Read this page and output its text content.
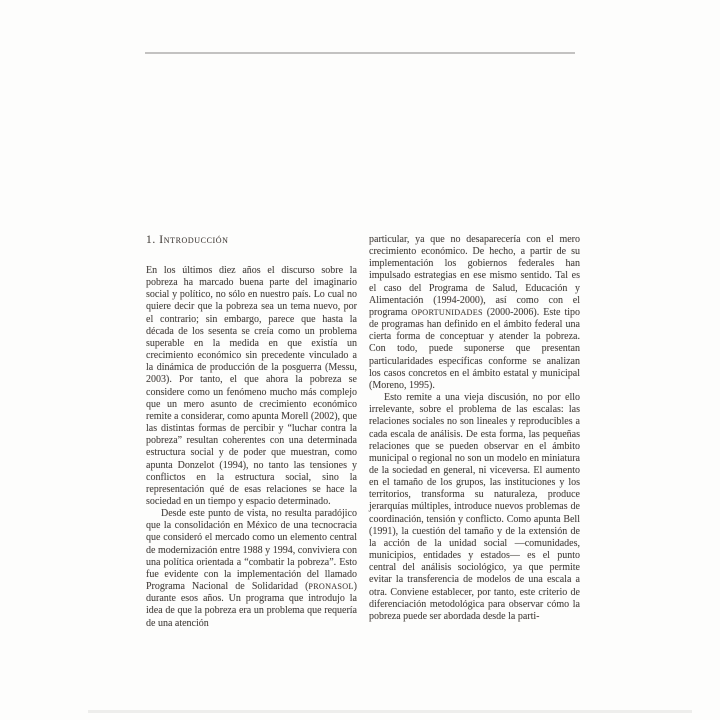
1. Introducción

En los últimos diez años el discurso sobre la pobreza ha marcado buena parte del imaginario social y político, no sólo en nuestro país. Lo cual no quiere decir que la pobreza sea un tema nuevo, por el contrario; sin embargo, parece que hasta la década de los sesenta se creía como un problema superable en la medida en que existía un crecimiento económico sin precedente vinculado a la dinámica de producción de la posguerra (Messu, 2003). Por tanto, el que ahora la pobreza se considere como un fenómeno mucho más complejo que un mero asunto de crecimiento económico remite a considerar, como apunta Morell (2002), que las distintas formas de percibir y “luchar contra la pobreza” resultan coherentes con una determinada estructura social y de poder que muestran, como apunta Donzelot (1994), no tanto las tensiones y conflictos en la estructura social, sino la representación qué de esas relaciones se hace la sociedad en un tiempo y espacio determinado.

Desde este punto de vista, no resulta paradójico que la consolidación en México de una tecnocracia que consideró el mercado como un elemento central de modernización entre 1988 y 1994, conviviera con una política orientada a “combatir la pobreza”. Esto fue evidente con la implementación del llamado Programa Nacional de Solidaridad (PRONASOL) durante esos años. Un programa que introdujo la idea de que la pobreza era un problema que requería de una atención

particular, ya que no desaparecería con el mero crecimiento económico. De hecho, a partir de su implementación los gobiernos federales han impulsado estrategias en ese mismo sentido. Tal es el caso del Programa de Salud, Educación y Alimentación (1994-2000), así como con el programa OPORTUNIDADES (2000-2006). Este tipo de programas han definido en el ámbito federal una cierta forma de conceptuar y atender la pobreza. Con todo, puede suponerse que presentan particularidades específicas conforme se analizan los casos concretos en el ámbito estatal y municipal (Moreno, 1995).

Esto remite a una vieja discusión, no por ello irrelevante, sobre el problema de las escalas: las relaciones sociales no son lineales y reproducibles a cada escala de análisis. De esta forma, las pequeñas relaciones que se pueden observar en el ámbito municipal o regional no son un modelo en miniatura de la sociedad en general, ni viceversa. El aumento en el tamaño de los grupos, las instituciones y los territorios, transforma su naturaleza, produce jerarquías múltiples, introduce nuevos problemas de coordinación, tensión y conflicto. Como apunta Bell (1991), la cuestión del tamaño y de la extensión de la acción de la unidad social —comunidades, municipios, entidades y estados— es el punto central del análisis sociológico, ya que permite evitar la transferencia de modelos de una escala a otra. Conviene establecer, por tanto, este criterio de diferenciación metodológica para observar cómo la pobreza puede ser abordada desde la parti-
